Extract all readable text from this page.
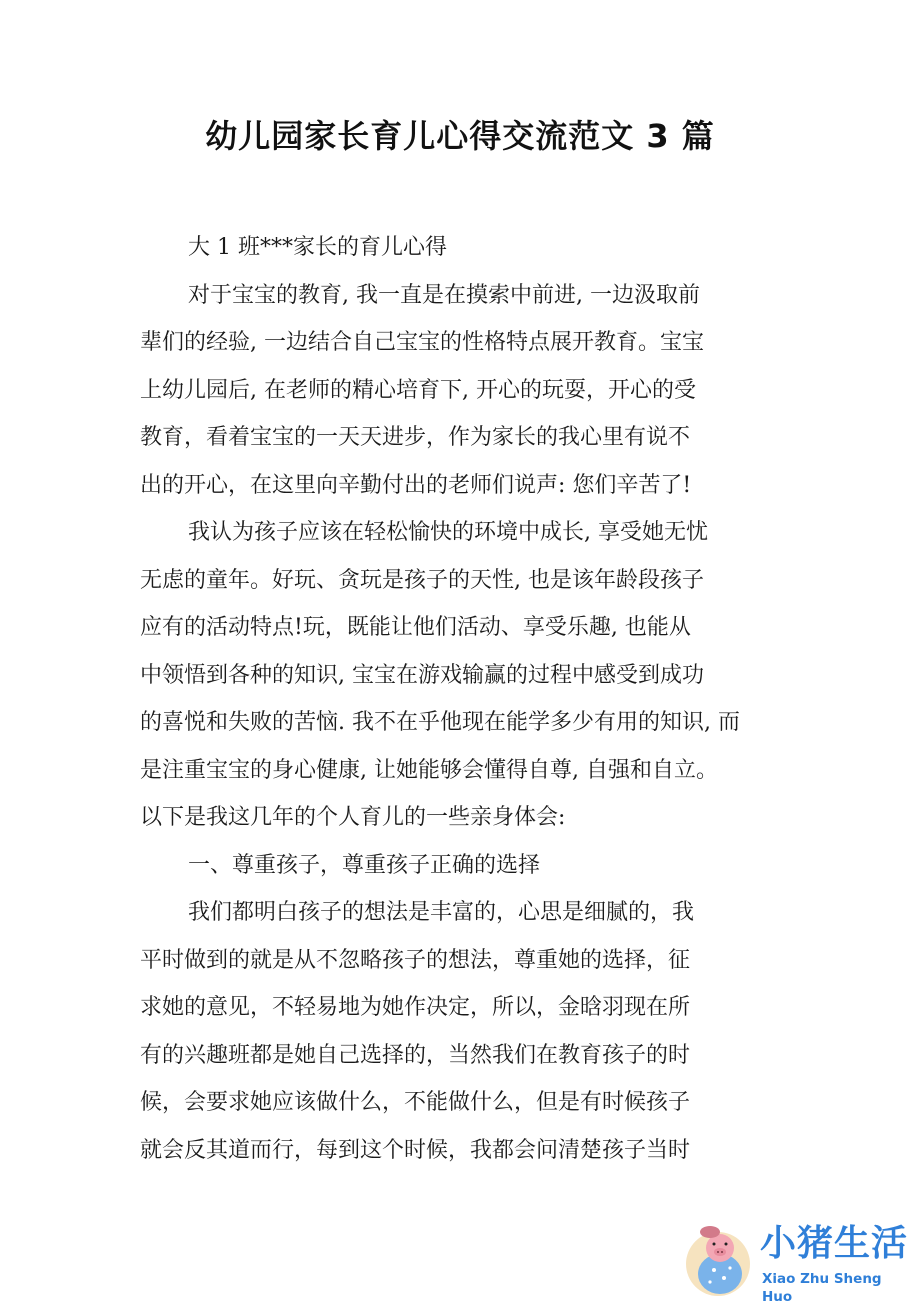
幼儿园家长育儿心得交流范文 3 篇
大 1 班***家长的育儿心得
对于宝宝的教育, 我一直是在摸索中前进, 一边汲取前
辈们的经验, 一边结合自己宝宝的性格特点展开教育。宝宝
上幼儿园后, 在老师的精心培育下, 开心的玩耍，开心的受
教育，看着宝宝的一天天进步，作为家长的我心里有说不
出的开心，在这里向辛勤付出的老师们说声: 您们辛苦了!
我认为孩子应该在轻松愉快的环境中成长, 享受她无忧
无虑的童年。好玩、贪玩是孩子的天性, 也是该年龄段孩子
应有的活动特点!玩，既能让他们活动、享受乐趣, 也能从
中领悟到各种的知识, 宝宝在游戏输赢的过程中感受到成功
的喜悦和失败的苦恼. 我不在乎他现在能学多少有用的知识, 而
是注重宝宝的身心健康, 让她能够会懂得自尊, 自强和自立。
以下是我这几年的个人育儿的一些亲身体会:
一、尊重孩子，尊重孩子正确的选择
我们都明白孩子的想法是丰富的，心思是细腻的，我
平时做到的就是从不忽略孩子的想法，尊重她的选择，征
求她的意见，不轻易地为她作决定，所以，金晗羽现在所
有的兴趣班都是她自己选择的，当然我们在教育孩子的时
候，会要求她应该做什么，不能做什么，但是有时候孩子
就会反其道而行，每到这个时候，我都会问清楚孩子当时
小猪生活
Xiao Zhu Sheng Huo
